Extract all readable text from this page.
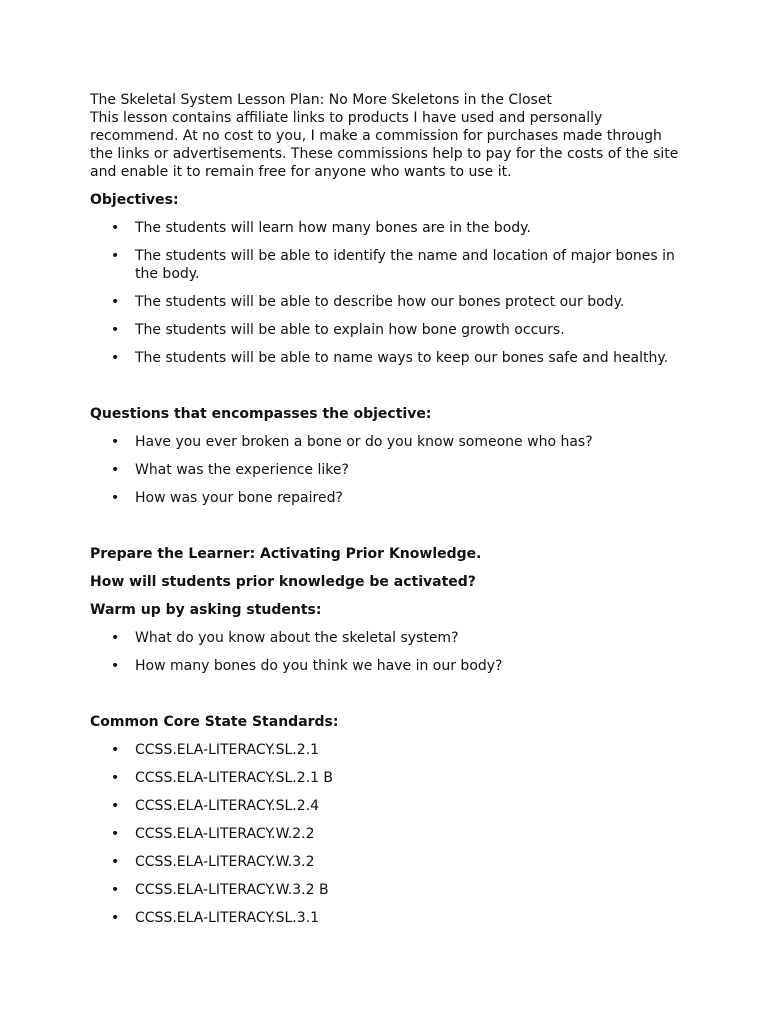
The Skeletal System Lesson Plan: No More Skeletons in the Closet

This lesson contains affiliate links to products I have used and personally recommend. At no cost to you, I make a commission for purchases made through the links or advertisements. These commissions help to pay for the costs of the site and enable it to remain free for anyone who wants to use it.

Objectives:

• The students will learn how many bones are in the body.
• The students will be able to identify the name and location of major bones in the body.
• The students will be able to describe how our bones protect our body.
• The students will be able to explain how bone growth occurs.
• The students will be able to name ways to keep our bones safe and healthy.

Questions that encompasses the objective:

• Have you ever broken a bone or do you know someone who has?
• What was the experience like?
• How was your bone repaired?

Prepare the Learner: Activating Prior Knowledge.

How will students prior knowledge be activated?

Warm up by asking students:

• What do you know about the skeletal system?
• How many bones do you think we have in our body?

Common Core State Standards:

• CCSS.ELA-LITERACY.SL.2.1
• CCSS.ELA-LITERACY.SL.2.1 B
• CCSS.ELA-LITERACY.SL.2.4
• CCSS.ELA-LITERACY.W.2.2
• CCSS.ELA-LITERACY.W.3.2
• CCSS.ELA-LITERACY.W.3.2 B
• CCSS.ELA-LITERACY.SL.3.1
